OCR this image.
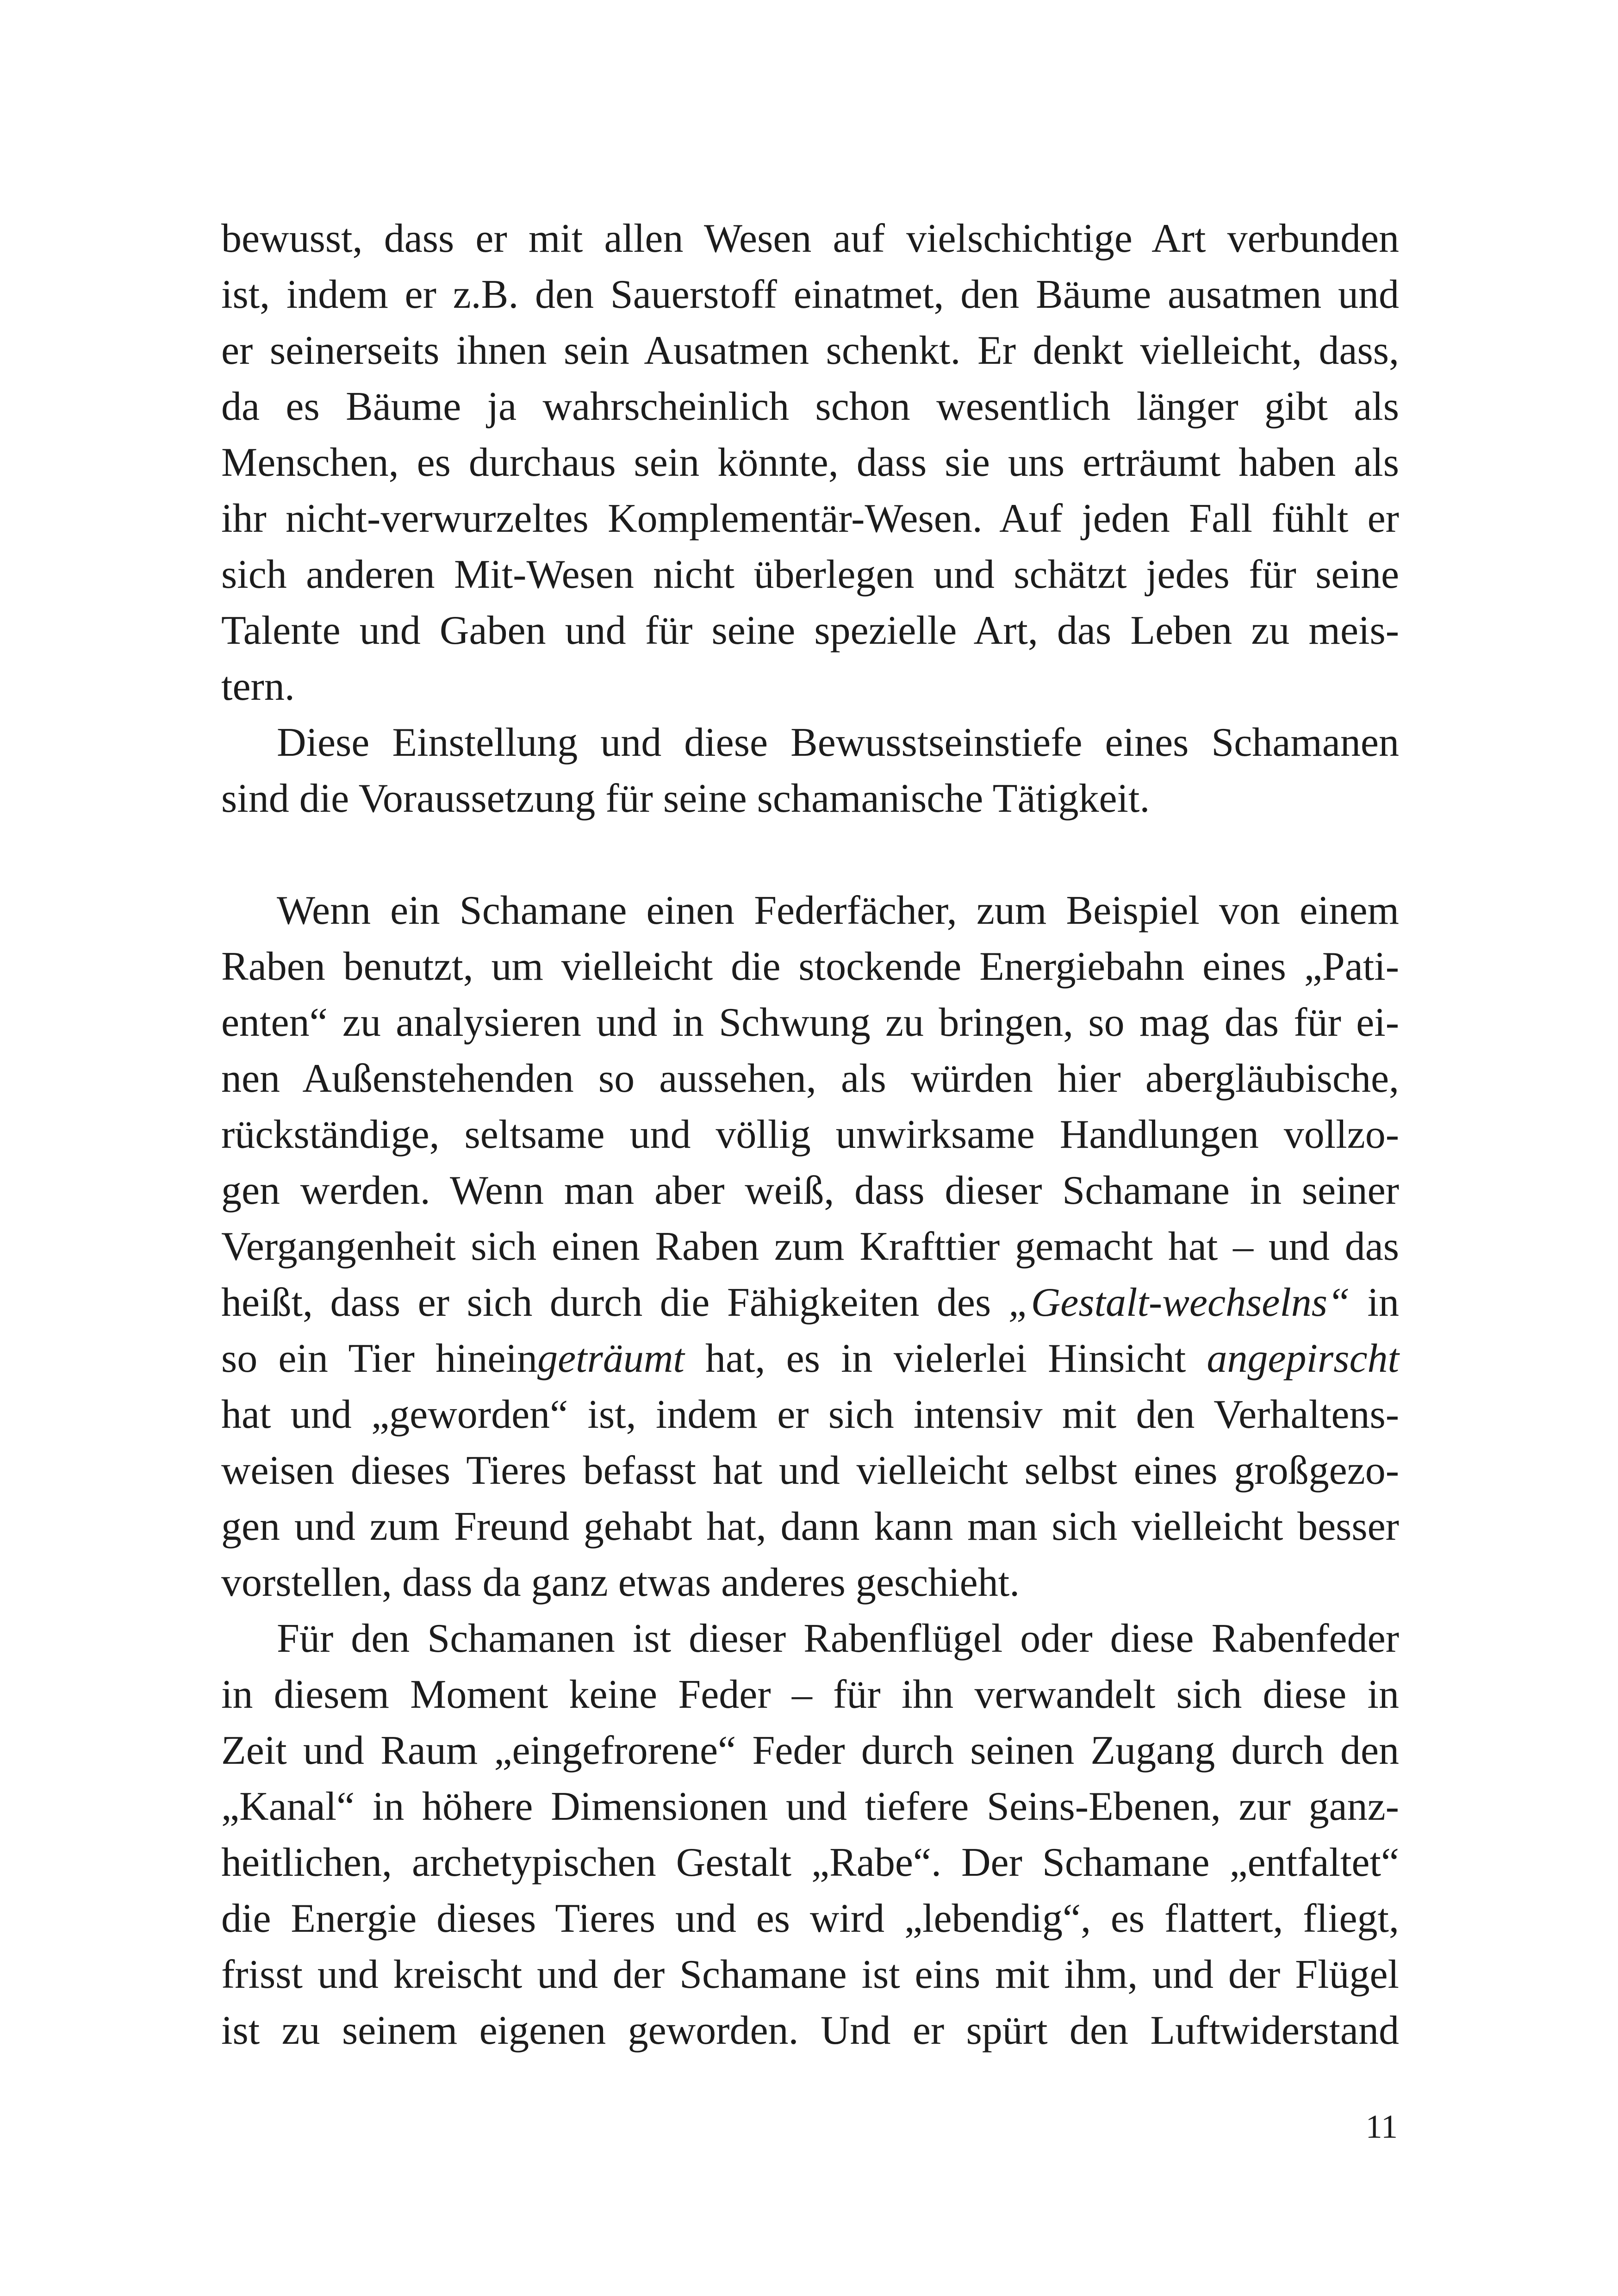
bewusst, dass er mit allen Wesen auf vielschichtige Art verbunden
ist, indem er z.B. den Sauerstoff einatmet, den Bäume ausatmen und
er seinerseits ihnen sein Ausatmen schenkt. Er denkt vielleicht, dass,
da es Bäume ja wahrscheinlich schon wesentlich länger gibt als
Menschen, es durchaus sein könnte, dass sie uns erträumt haben als
ihr nicht-verwurzeltes Komplementär-Wesen. Auf jeden Fall fühlt er
sich anderen Mit-Wesen nicht überlegen und schätzt jedes für seine
Talente und Gaben und für seine spezielle Art, das Leben zu meis-
tern.
Diese Einstellung und diese Bewusstseinstiefe eines Schamanen
sind die Voraussetzung für seine schamanische Tätigkeit.
Wenn ein Schamane einen Federfächer, zum Beispiel von einem
Raben benutzt, um vielleicht die stockende Energiebahn eines „Pati-
enten“ zu analysieren und in Schwung zu bringen, so mag das für ei-
nen Außenstehenden so aussehen, als würden hier abergläubische,
rückständige, seltsame und völlig unwirksame Handlungen vollzo-
gen werden. Wenn man aber weiß, dass dieser Schamane in seiner
Vergangenheit sich einen Raben zum Krafttier gemacht hat – und das
heißt, dass er sich durch die Fähigkeiten des „Gestalt-wechselns“ in
so ein Tier hineingeträumt hat, es in vielerlei Hinsicht angepirscht
hat und „geworden“ ist, indem er sich intensiv mit den Verhaltens-
weisen dieses Tieres befasst hat und vielleicht selbst eines großgezo-
gen und zum Freund gehabt hat, dann kann man sich vielleicht besser
vorstellen, dass da ganz etwas anderes geschieht.
Für den Schamanen ist dieser Rabenflügel oder diese Rabenfeder
in diesem Moment keine Feder – für ihn verwandelt sich diese in
Zeit und Raum „eingefrorene“ Feder durch seinen Zugang durch den
„Kanal“ in höhere Dimensionen und tiefere Seins-Ebenen, zur ganz-
heitlichen, archetypischen Gestalt „Rabe“. Der Schamane „entfaltet“
die Energie dieses Tieres und es wird „lebendig“, es flattert, fliegt,
frisst und kreischt und der Schamane ist eins mit ihm, und der Flügel
ist zu seinem eigenen geworden. Und er spürt den Luftwiderstand
11
